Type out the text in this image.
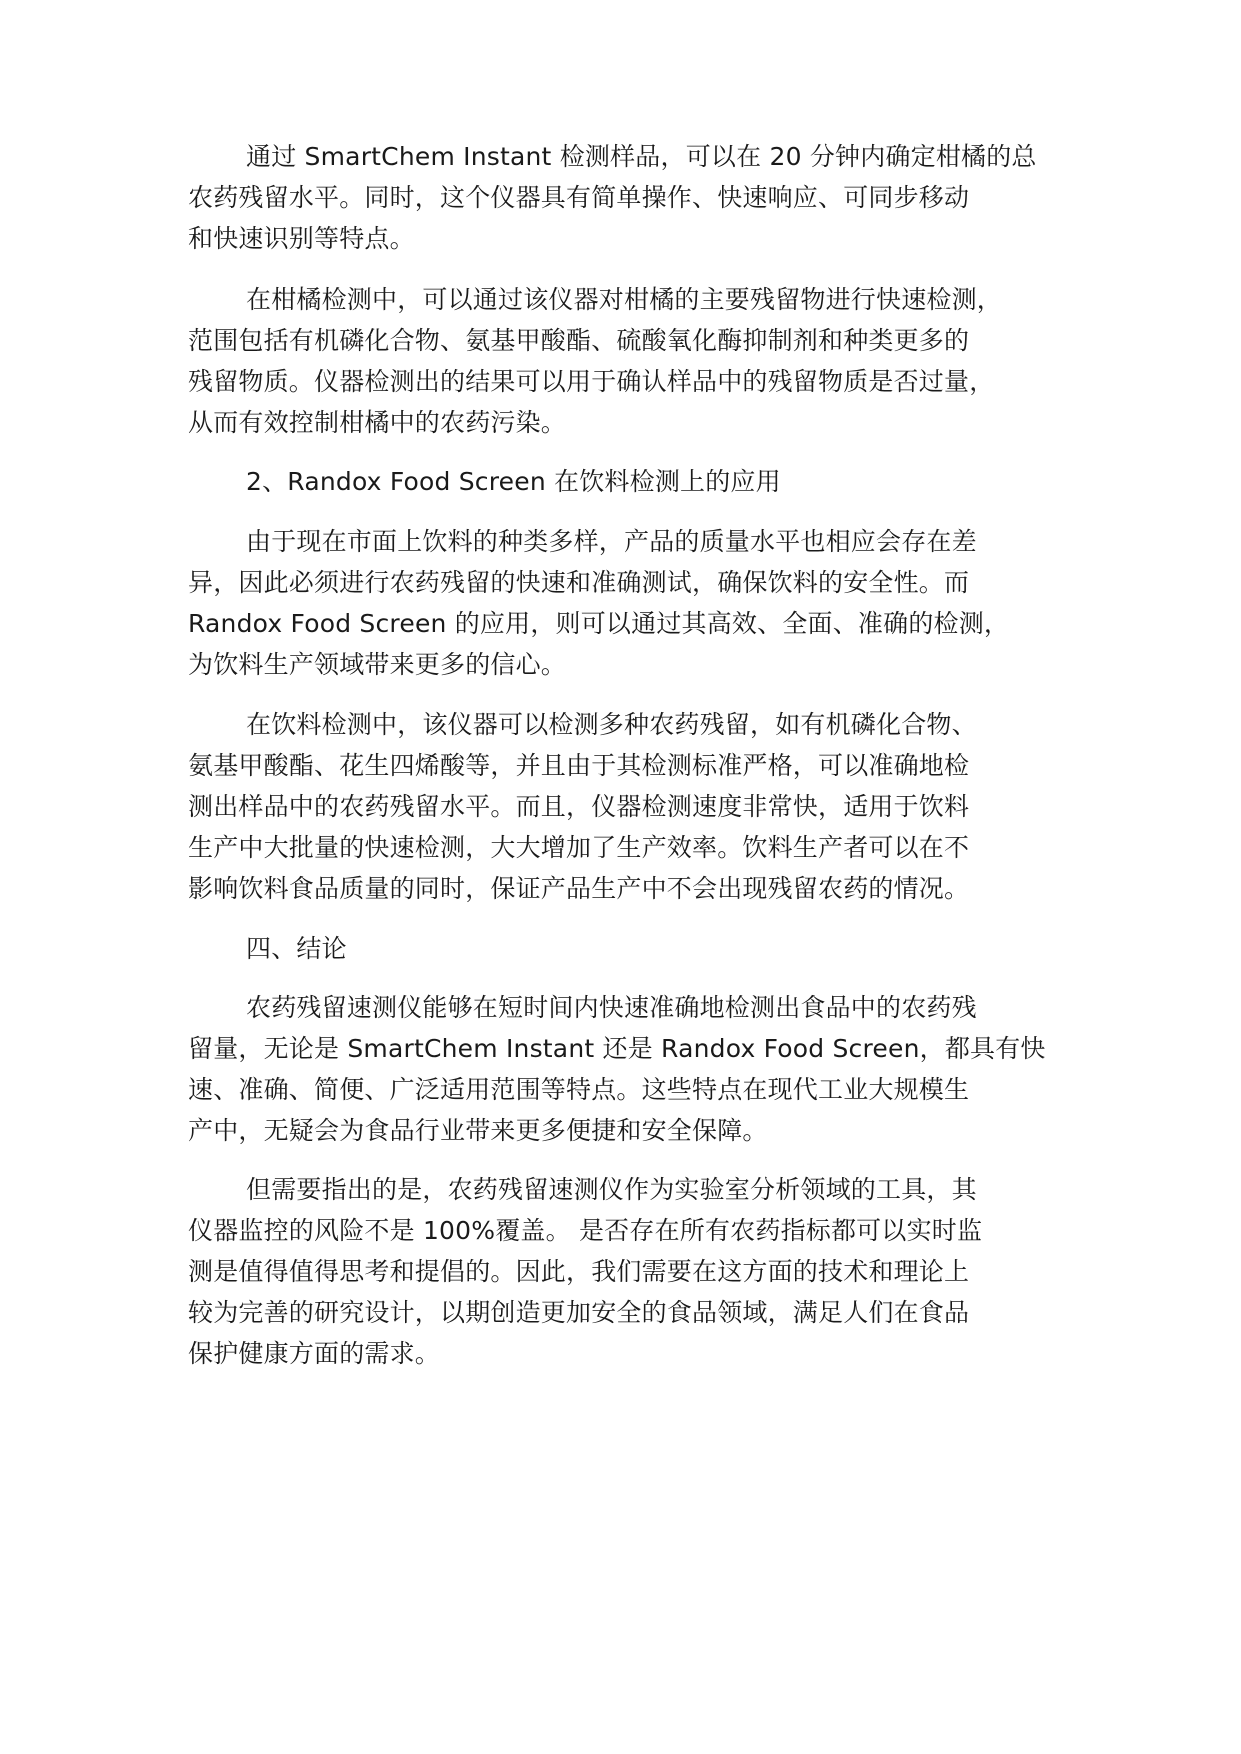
通过 SmartChem Instant 检测样品，可以在 20 分钟内确定柑橘的总
农药残留水平。同时，这个仪器具有简单操作、快速响应、可同步移动
和快速识别等特点。
在柑橘检测中，可以通过该仪器对柑橘的主要残留物进行快速检测，
范围包括有机磷化合物、氨基甲酸酯、硫酸氧化酶抑制剂和种类更多的
残留物质。仪器检测出的结果可以用于确认样品中的残留物质是否过量，
从而有效控制柑橘中的农药污染。
2、Randox Food Screen 在饮料检测上的应用
由于现在市面上饮料的种类多样，产品的质量水平也相应会存在差
异，因此必须进行农药残留的快速和准确测试，确保饮料的安全性。而
Randox Food Screen 的应用，则可以通过其高效、全面、准确的检测，
为饮料生产领域带来更多的信心。
在饮料检测中，该仪器可以检测多种农药残留，如有机磷化合物、
氨基甲酸酯、花生四烯酸等，并且由于其检测标准严格，可以准确地检
测出样品中的农药残留水平。而且，仪器检测速度非常快，适用于饮料
生产中大批量的快速检测，大大增加了生产效率。饮料生产者可以在不
影响饮料食品质量的同时，保证产品生产中不会出现残留农药的情况。
四、结论
农药残留速测仪能够在短时间内快速准确地检测出食品中的农药残
留量，无论是 SmartChem Instant 还是 Randox Food Screen，都具有快
速、准确、简便、广泛适用范围等特点。这些特点在现代工业大规模生
产中，无疑会为食品行业带来更多便捷和安全保障。
但需要指出的是，农药残留速测仪作为实验室分析领域的工具，其
仪器监控的风险不是 100%覆盖。 是否存在所有农药指标都可以实时监
测是值得值得思考和提倡的。因此，我们需要在这方面的技术和理论上
较为完善的研究设计，以期创造更加安全的食品领域，满足人们在食品
保护健康方面的需求。
